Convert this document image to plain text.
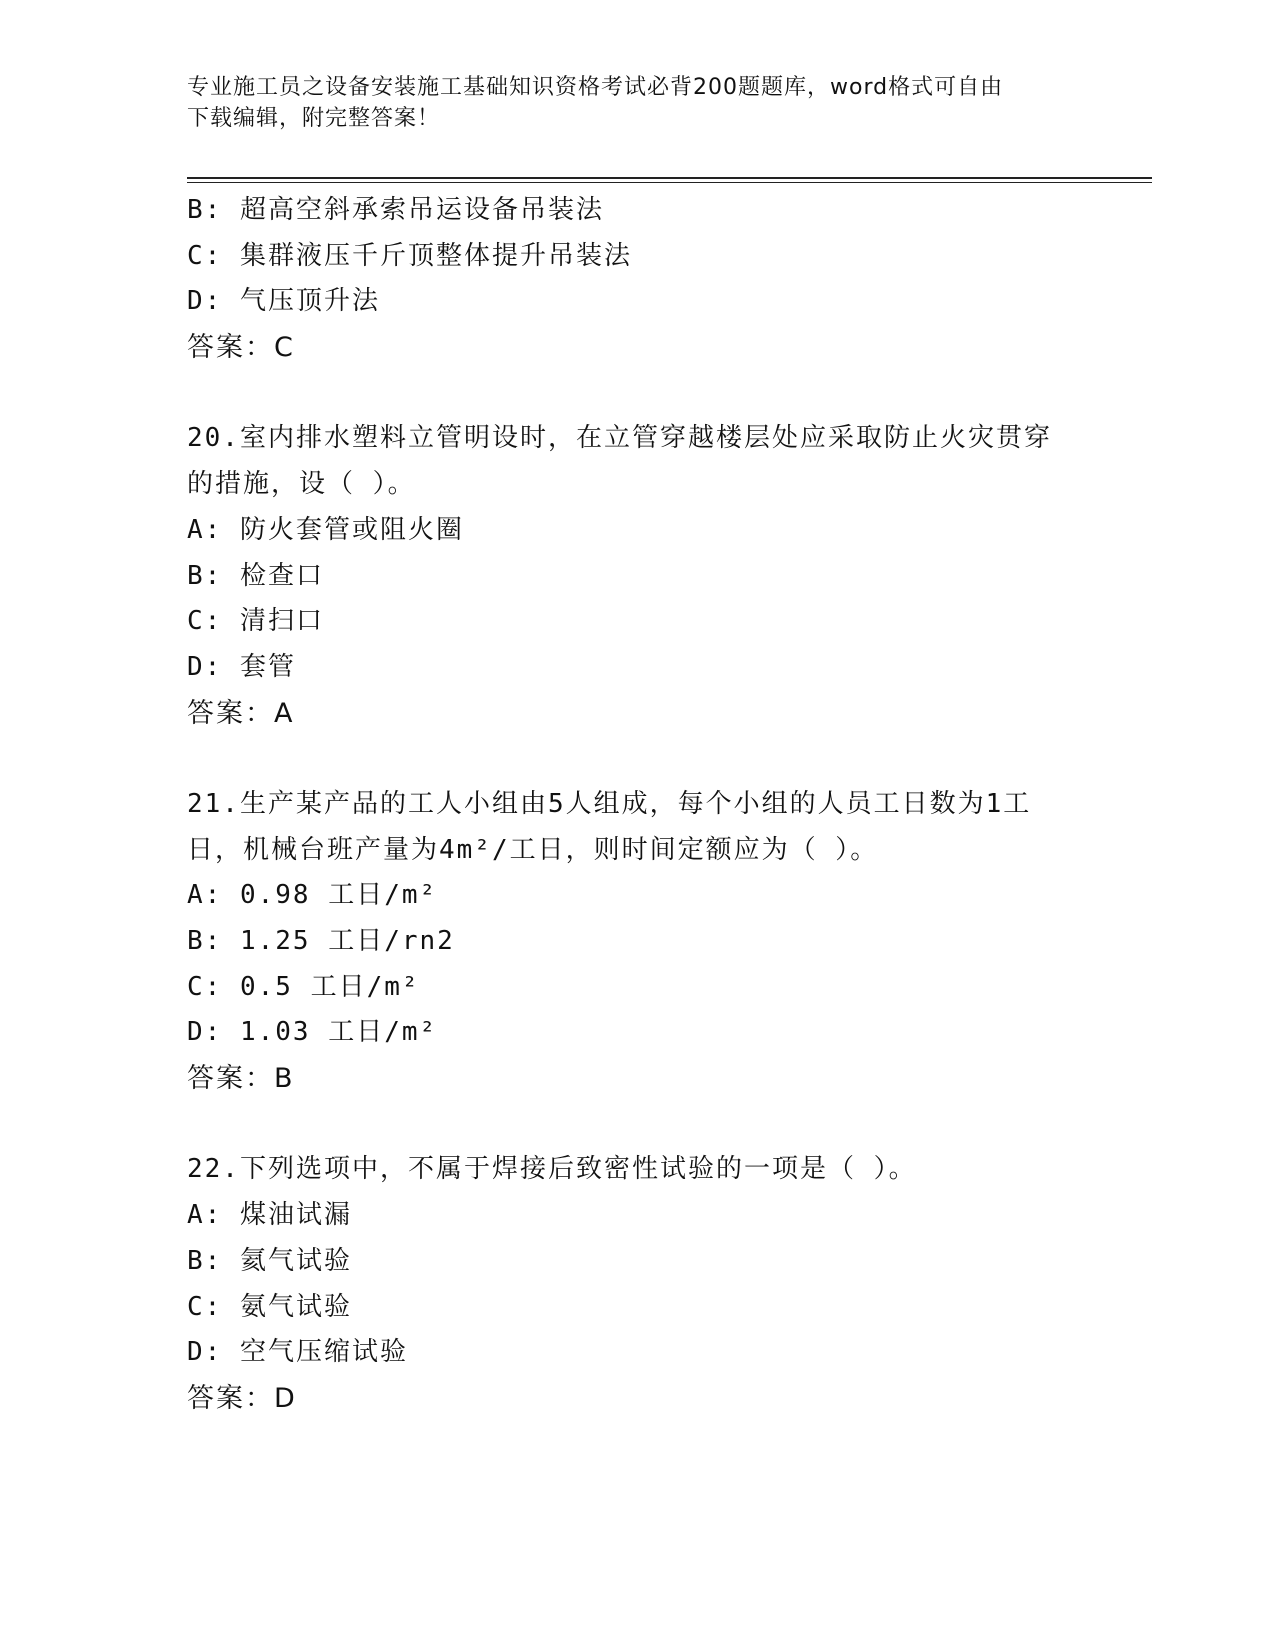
专业施工员之设备安装施工基础知识资格考试必背200题题库，word格式可自由
下载编辑，附完整答案！
B: 超高空斜承索吊运设备吊装法
C: 集群液压千斤顶整体提升吊装法
D: 气压顶升法
答案：C
20.室内排水塑料立管明设时，在立管穿越楼层处应采取防止火灾贯穿
的措施，设（ ）。
A: 防火套管或阻火圈
B: 检查口
C: 清扫口
D: 套管
答案：A
21.生产某产品的工人小组由5人组成，每个小组的人员工日数为1工
日，机械台班产量为4m²/工日，则时间定额应为（ ）。
A: 0.98 工日/m²
B: 1.25 工日/rn2
C: 0.5 工日/m²
D: 1.03 工日/m²
答案：B
22.下列选项中，不属于焊接后致密性试验的一项是（ ）。
A: 煤油试漏
B: 氦气试验
C: 氨气试验
D: 空气压缩试验
答案：D
